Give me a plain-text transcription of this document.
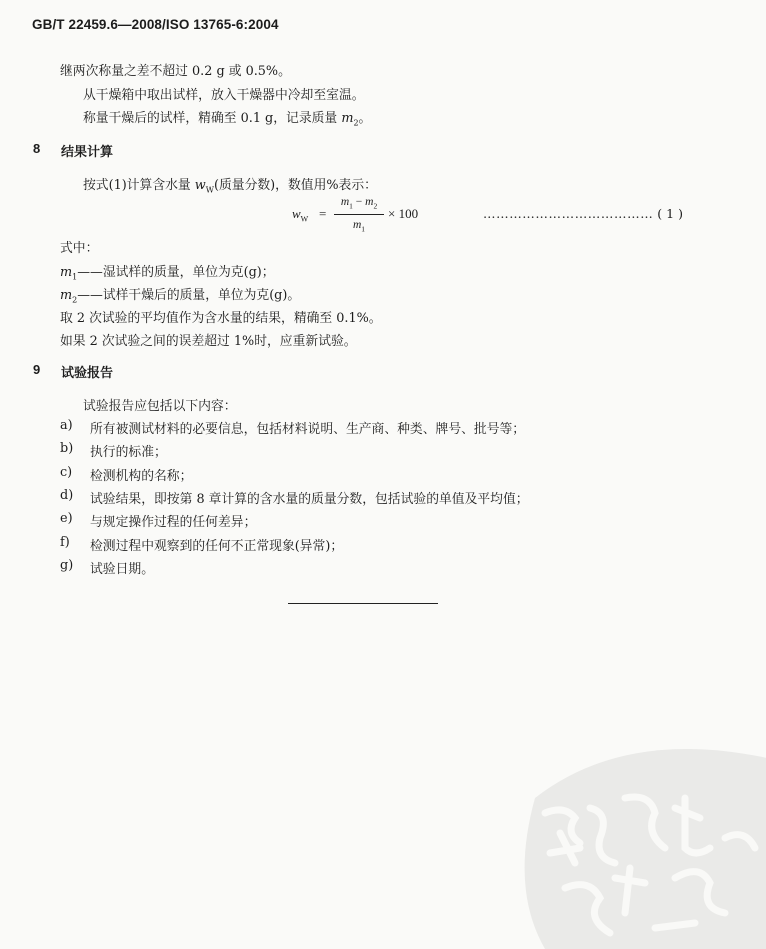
GB/T 22459.6—2008/ISO 13765-6:2004
继两次称量之差不超过 0.2 g 或 0.5%。
从干燥箱中取出试样，放入干燥器中冷却至室温。
称量干燥后的试样，精确至 0.1 g，记录质量 $m_2$。
8 结果计算
按式(1)计算含水量 $w_W$(质量分数)，数值用%表示：
$w_W$ =
$m_1 - m_2$
$m_1$
× 100	………………………………… ( 1 )
式中：
$m_1——$湿试样的质量，单位为克(g)；
$m_2——$试样干燥后的质量，单位为克(g)。
取 2 次试验的平均值作为含水量的结果，精确至 0.1%。
如果 2 次试验之间的误差超过 1%时，应重新试验。
9 试验报告
试验报告应包括以下内容：
a) 所有被测试材料的必要信息，包括材料说明、生产商、种类、牌号、批号等；
b) 执行的标准；
c) 检测机构的名称；
d) 试验结果，即按第 8 章计算的含水量的质量分数，包括试验的单值及平均值；
e) 与规定操作过程的任何差异；
f) 检测过程中观察到的任何不正常现象(异常)；
g) 试验日期。
